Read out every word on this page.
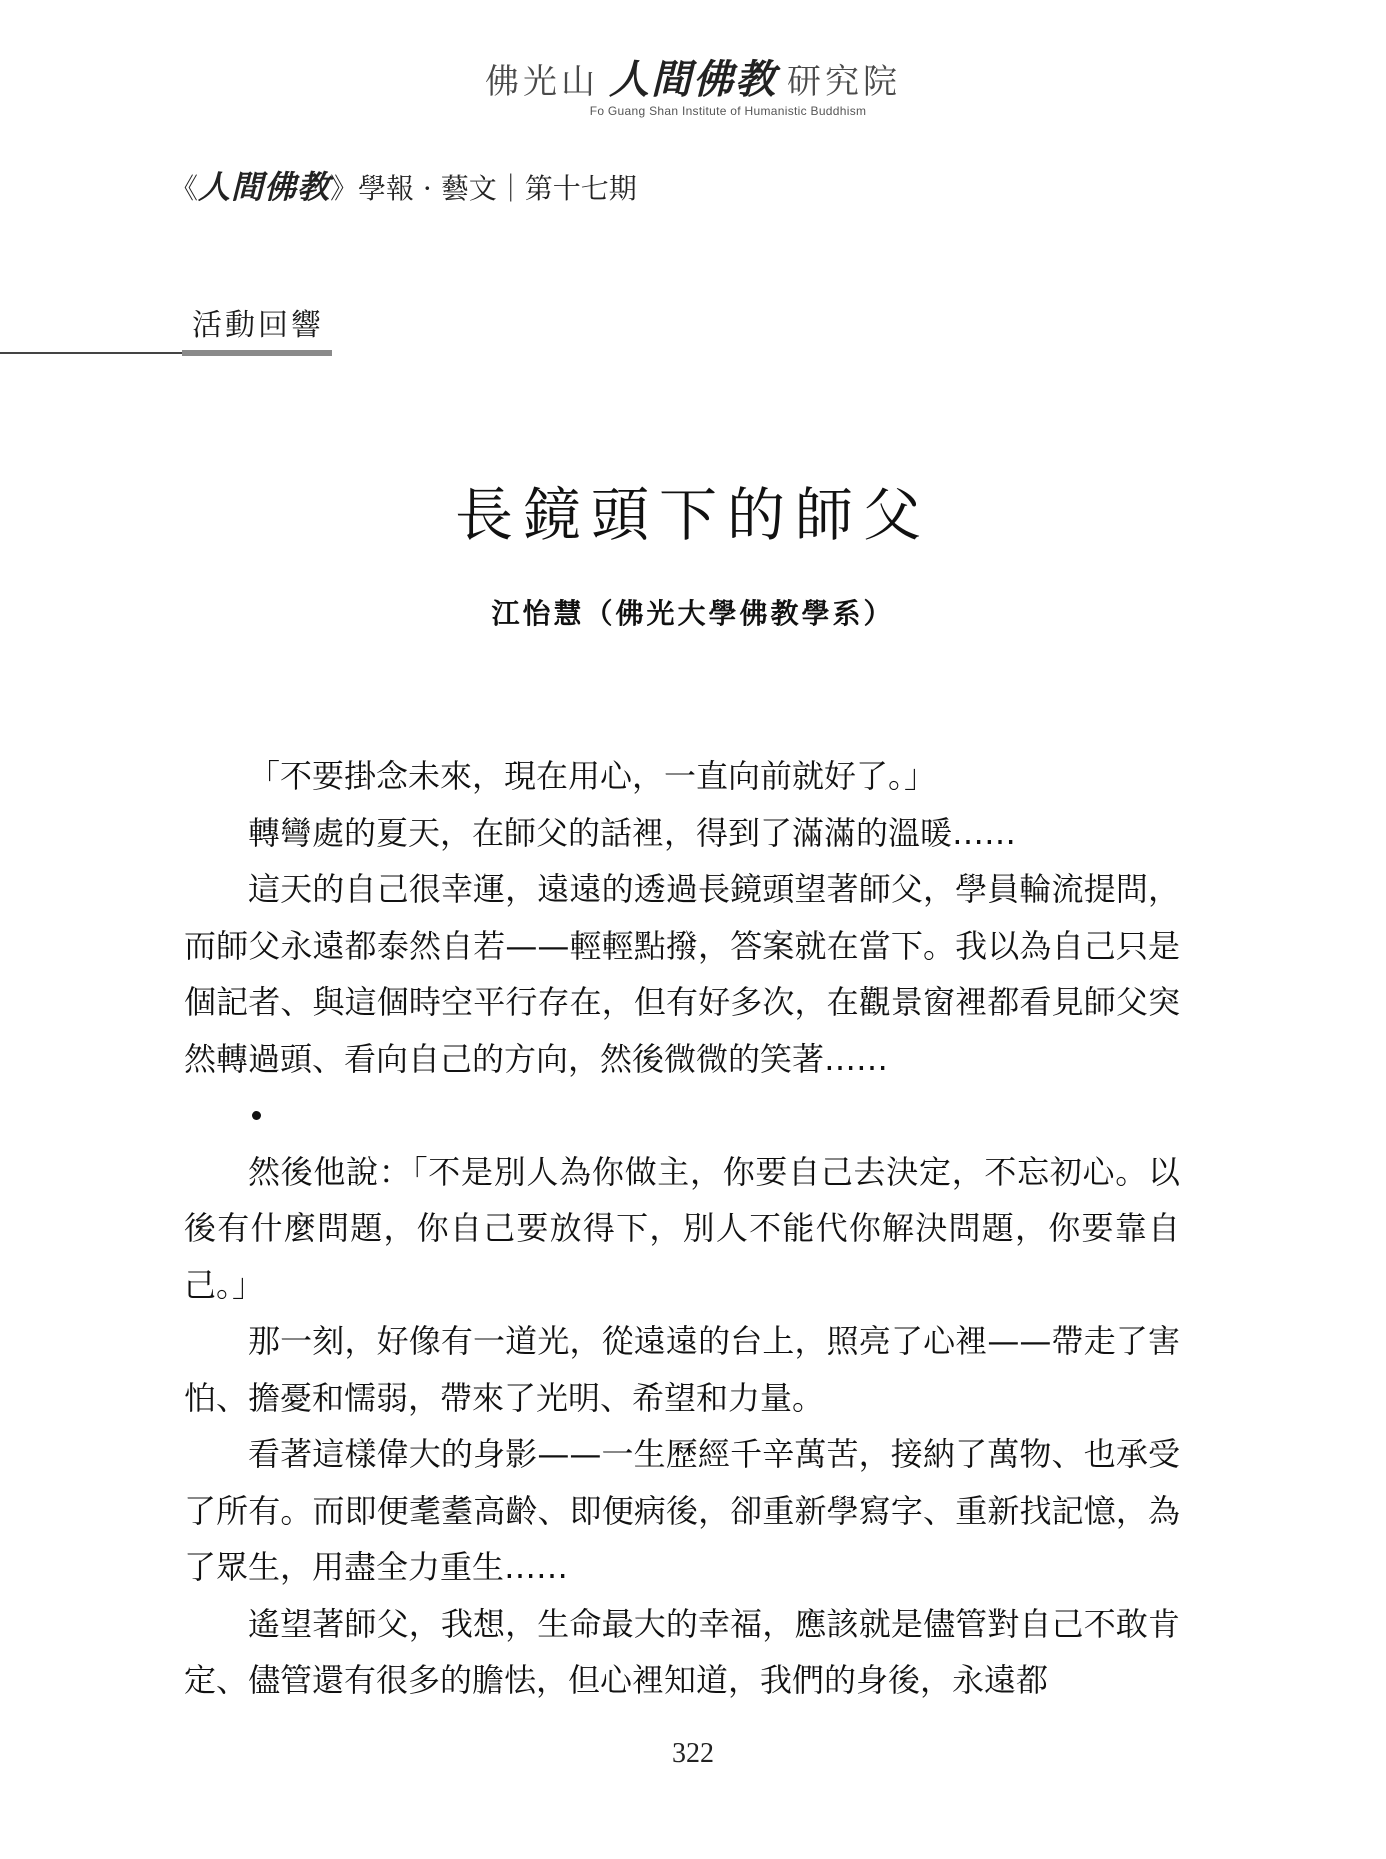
佛光山 人間佛教 研究院
Fo Guang Shan Institute of Humanistic Buddhism
《人間佛教》學報 · 藝文｜第十七期
活動回響
長鏡頭下的師父
江怡慧（佛光大學佛教學系）

「不要掛念未來，現在用心，一直向前就好了。」

轉彎處的夏天，在師父的話裡，得到了滿滿的溫暖……

這天的自己很幸運，遠遠的透過長鏡頭望著師父，學員輪流提問，而師父永遠都泰然自若——輕輕點撥，答案就在當下。我以為自己只是個記者、與這個時空平行存在，但有好多次，在觀景窗裡都看見師父突然轉過頭、看向自己的方向，然後微微的笑著……

然後他說：「不是別人為你做主，你要自己去決定，不忘初心。以後有什麼問題，你自己要放得下，別人不能代你解決問題，你要靠自己。」

那一刻，好像有一道光，從遠遠的台上，照亮了心裡——帶走了害怕、擔憂和懦弱，帶來了光明、希望和力量。

看著這樣偉大的身影——一生歷經千辛萬苦，接納了萬物、也承受了所有。而即便耄耋高齡、即便病後，卻重新學寫字、重新找記憶，為了眾生，用盡全力重生……

遙望著師父，我想，生命最大的幸福，應該就是儘管對自己不敢肯定、儘管還有很多的膽怯，但心裡知道，我們的身後，永遠都

322
